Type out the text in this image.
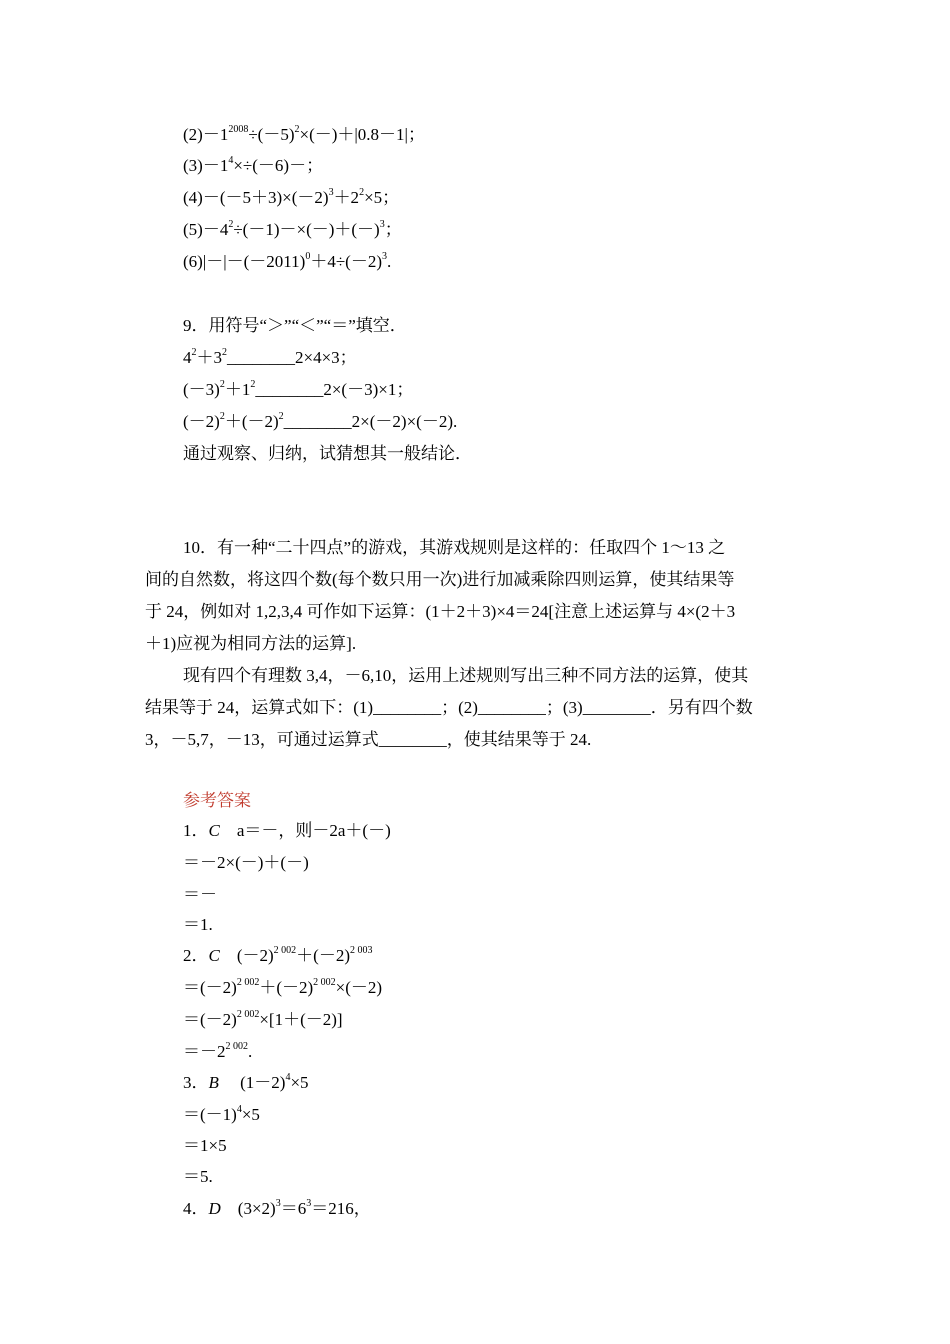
$(2)-1^{2008}\div(-5)^2\times(-)+|0.8-1|$；
$(3)-1^4\times\div(-6)-$；
$(4)-(-5+3)\times(-2)^3+2^2\times 5$；
$(5)-4^2\div(-1)-\times(-)+(-)^3$；
$(6)|-|-(-2011)^0+4\div(-2)^3$.
9．用符号“＞”“＜”“＝”填空．
$4^2+3^2\_\_\_\_\_\_\_\_2\times 4\times 3$；
$(-3)^2+1^2\_\_\_\_\_\_\_\_2\times(-3)\times 1$；
$(-2)^2+(-2)^2\_\_\_\_\_\_\_\_2\times(-2)\times(-2)$.
通过观察、归纳，试猜想其一般结论．
10．有一种“二十四点”的游戏，其游戏规则是这样的：任取四个 1～13 之
间的自然数，将这四个数(每个数只用一次)进行加减乘除四则运算，使其结果等
于 24，例如对 1,2,3,4 可作如下运算：(1＋2＋3)×4＝24[注意上述运算与 4×(2＋3
＋1)应视为相同方法的运算].
现有四个有理数 3,4，－6,10，运用上述规则写出三种不同方法的运算，使其
结果等于 24，运算式如下：(1)________；(2)________；(3)________．另有四个数
3，－5,7，－13，可通过运算式________，使其结果等于 24.
参考答案
1．C　a＝－，则－2a＋(－)
＝－2×(－)＋(－)
＝－
＝1.
2．C　$(-2)^{2 002}+(-2)^{2 003}$
$=(-2)^{2 002}+(-2)^{2 002}\times(-2)$
$=(-2)^{2 002}\times[1+(-2)]$
$=-2^{2 002}$.
3．B　 $(1-2)^4\times 5$
$=(-1)^4\times 5$
＝1×5
＝5.
4．D　$(3\times 2)^3=6^3=216$，
